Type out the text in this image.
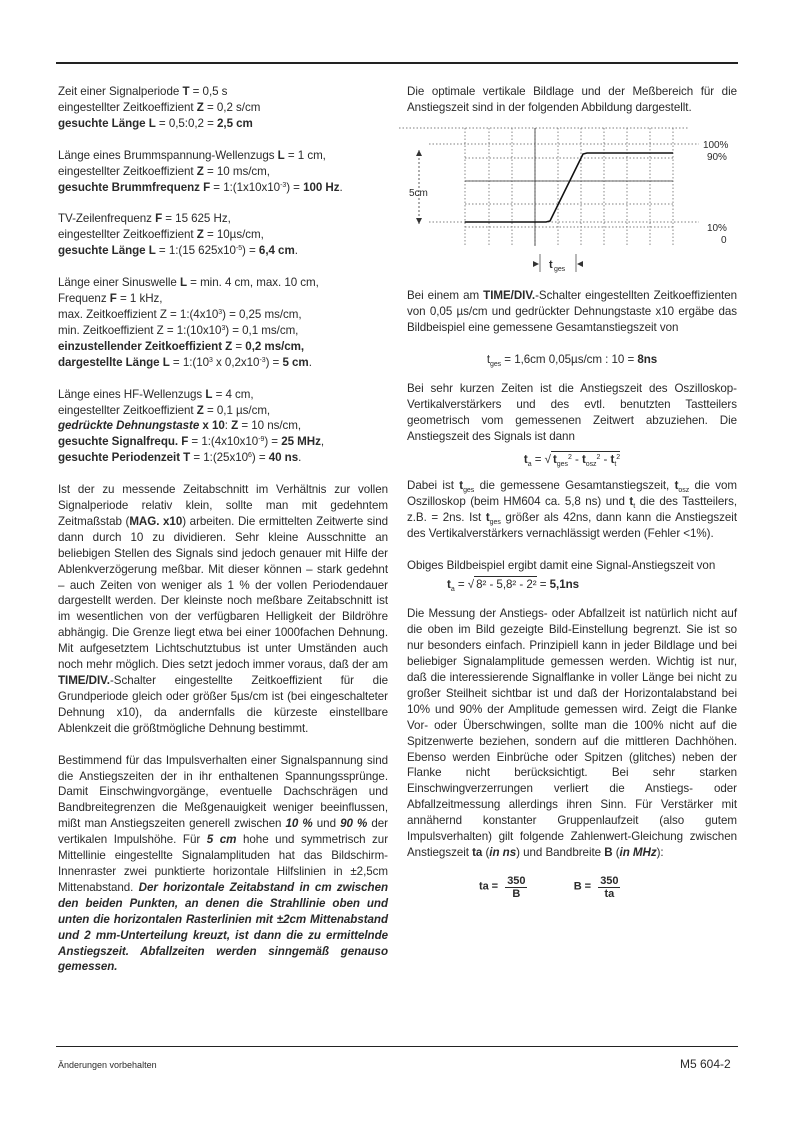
Zeit einer Signalperiode T = 0,5 s
eingestellter Zeitkoeffizient Z = 0,2 s/cm
gesuchte Länge L = 0,5:0,2 = 2,5 cm
Länge eines Brummspannung-Wellenzugs L = 1 cm,
eingestellter Zeitkoeffizient Z = 10 ms/cm,
gesuchte Brummfrequenz $F = 1:(1x10x10^{-3}) = 100$ Hz.
TV-Zeilenfrequenz F = 15 625 Hz,
eingestellter Zeitkoeffizient Z = 10µs/cm,
gesuchte Länge L = 1:(15 $625x10^{-5}) = 6,4$ cm.
Länge einer Sinuswelle L = min. 4 cm, max. 10 cm,
Frequenz F = 1 kHz,
max. Zeitkoeffizient $Z = 1:(4x10^3) = 0,25$ ms/cm,
min. Zeitkoeffizient $Z = 1:(10x10^3) = 0,1$ ms/cm,
einzustellender Zeitkoeffizient Z = 0,2 ms/cm,
dargestellte Länge $L = 1:(10^3$ x $0,2x10^{-3}) = 5$ cm.
Länge eines HF-Wellenzugs L = 4 cm,
eingestellter Zeitkoeffizient Z = 0,1 µs/cm,
gedrückte Dehnungstaste x 10: Z = 10 ns/cm,
gesuchte Signalfrequ. $F = 1:(4x10x10^{-9}) = 25$ MHz,
gesuchte Periodenzeit $T = 1:(25x10^6) = 40$ ns.
Ist der zu messende Zeitabschnitt im Verhältnis zur vollen Signalperiode relativ klein, sollte man mit gedehntem Zeitmaßstab (MAG. x10) arbeiten. Die ermittelten Zeitwerte sind dann durch 10 zu dividieren. Sehr kleine Ausschnitte an beliebigen Stellen des Signals sind jedoch genauer mit Hilfe der Ablenkverzögerung meßbar. Mit dieser können – stark gedehnt – auch Zeiten von weniger als 1 % der vollen Periodendauer dargestellt werden. Der kleinste noch meßbare Zeitabschnitt ist im wesentlichen von der verfügbaren Helligkeit der Bildröhre abhängig. Die Grenze liegt etwa bei einer 1000fachen Dehnung. Mit aufgesetztem Lichtschutztubus ist unter Umständen auch noch mehr möglich. Dies setzt jedoch immer voraus, daß der am TIME/DIV.-Schalter eingestellte Zeitkoeffizient für die Grundperiode gleich oder größer 5µs/cm ist (bei eingeschalteter Dehnung x10), da andernfalls die kürzeste einstellbare Ablenkzeit die größtmögliche Dehnung bestimmt.
Bestimmend für das Impulsverhalten einer Signalspannung sind die Anstiegszeiten der in ihr enthaltenen Spannungssprünge. Damit Einschwingvorgänge, eventuelle Dachschrägen und Bandbreitegrenzen die Meßgenauigkeit weniger beeinflussen, mißt man Anstiegszeiten generell zwischen 10 % und 90 % der vertikalen Impulshöhe. Für 5 cm hohe und symmetrisch zur Mittellinie eingestellte Signalamplituden hat das Bildschirm-Innenraster zwei punktierte horizontale Hilfslinien in ±2,5cm Mittenabstand. Der horizontale Zeitabstand in cm zwischen den beiden Punkten, an denen die Strahllinie oben und unten die horizontalen Rasterlinien mit ±2cm Mittenabstand und 2 mm-Unterteilung kreuzt, ist dann die zu ermittelnde Anstiegszeit. Abfallzeiten werden sinngemäß genauso gemessen.
Die optimale vertikale Bildlage und der Meßbereich für die Anstiegszeit sind in der folgenden Abbildung dargestellt.
5cm
100%
90%
10%
0
t ges
Bei einem am TIME/DIV.-Schalter eingestellten Zeitkoeffizienten von 0,05 µs/cm und gedrückter Dehnungstaste x10 ergäbe das Bildbeispiel eine gemessene Gesamtanstiegszeit von
$t_{ges} = 1,6cm$ 0,05µs/cm : 10 = 8ns
Bei sehr kurzen Zeiten ist die Anstiegszeit des Oszilloskop-Vertikalverstärkers und des evtl. benutzten Tastteilers geometrisch vom gemessenen Zeitwert abzuziehen. Die Anstiegszeit des Signals ist dann
$t_a$ = √ $t_{ges}^2 - t_{osz}^2 - t_t^2$
Dabei ist $t_{ges}$ die gemessene Gesamtanstiegszeit, $t_{osz}$ die vom Oszilloskop (beim HM604 ca. 5,8 ns) und $t_t$ die des Tastteilers, z.B. = 2ns. Ist $t_{ges}$ größer als 42ns, dann kann die Anstiegszeit des Vertikalverstärkers vernachlässigt werden (Fehler <1%).
Obiges Bildbeispiel ergibt damit eine Signal-Anstiegszeit von
$t_a$ = √ 8² - 5,8² - 2² = 5,1ns
Die Messung der Anstiegs- oder Abfallzeit ist natürlich nicht auf die oben im Bild gezeigte Bild-Einstellung begrenzt. Sie ist so nur besonders einfach. Prinzipiell kann in jeder Bildlage und bei beliebiger Signalamplitude gemessen werden. Wichtig ist nur, daß die interessierende Signalflanke in voller Länge bei nicht zu großer Steilheit sichtbar ist und daß der Horizontalabstand bei 10% und 90% der Amplitude gemessen wird. Zeigt die Flanke Vor- oder Überschwingen, sollte man die 100% nicht auf die Spitzenwerte beziehen, sondern auf die mittleren Dachhöhen. Ebenso werden Einbrüche oder Spitzen (glitches) neben der Flanke nicht berücksichtigt. Bei sehr starken Einschwingverzerrungen verliert die Anstiegs- oder Abfallzeitmessung allerdings ihren Sinn. Für Verstärker mit annähernd konstanter Gruppenlaufzeit (also gutem Impulsverhalten) gilt folgende Zahlenwert-Gleichung zwischen Anstiegszeit ta (in ns) und Bandbreite B (in MHz):
ta = $\frac{350}{B}$	$B = \frac{350}{ta}$
Änderungen vorbehalten	M5 604-2
